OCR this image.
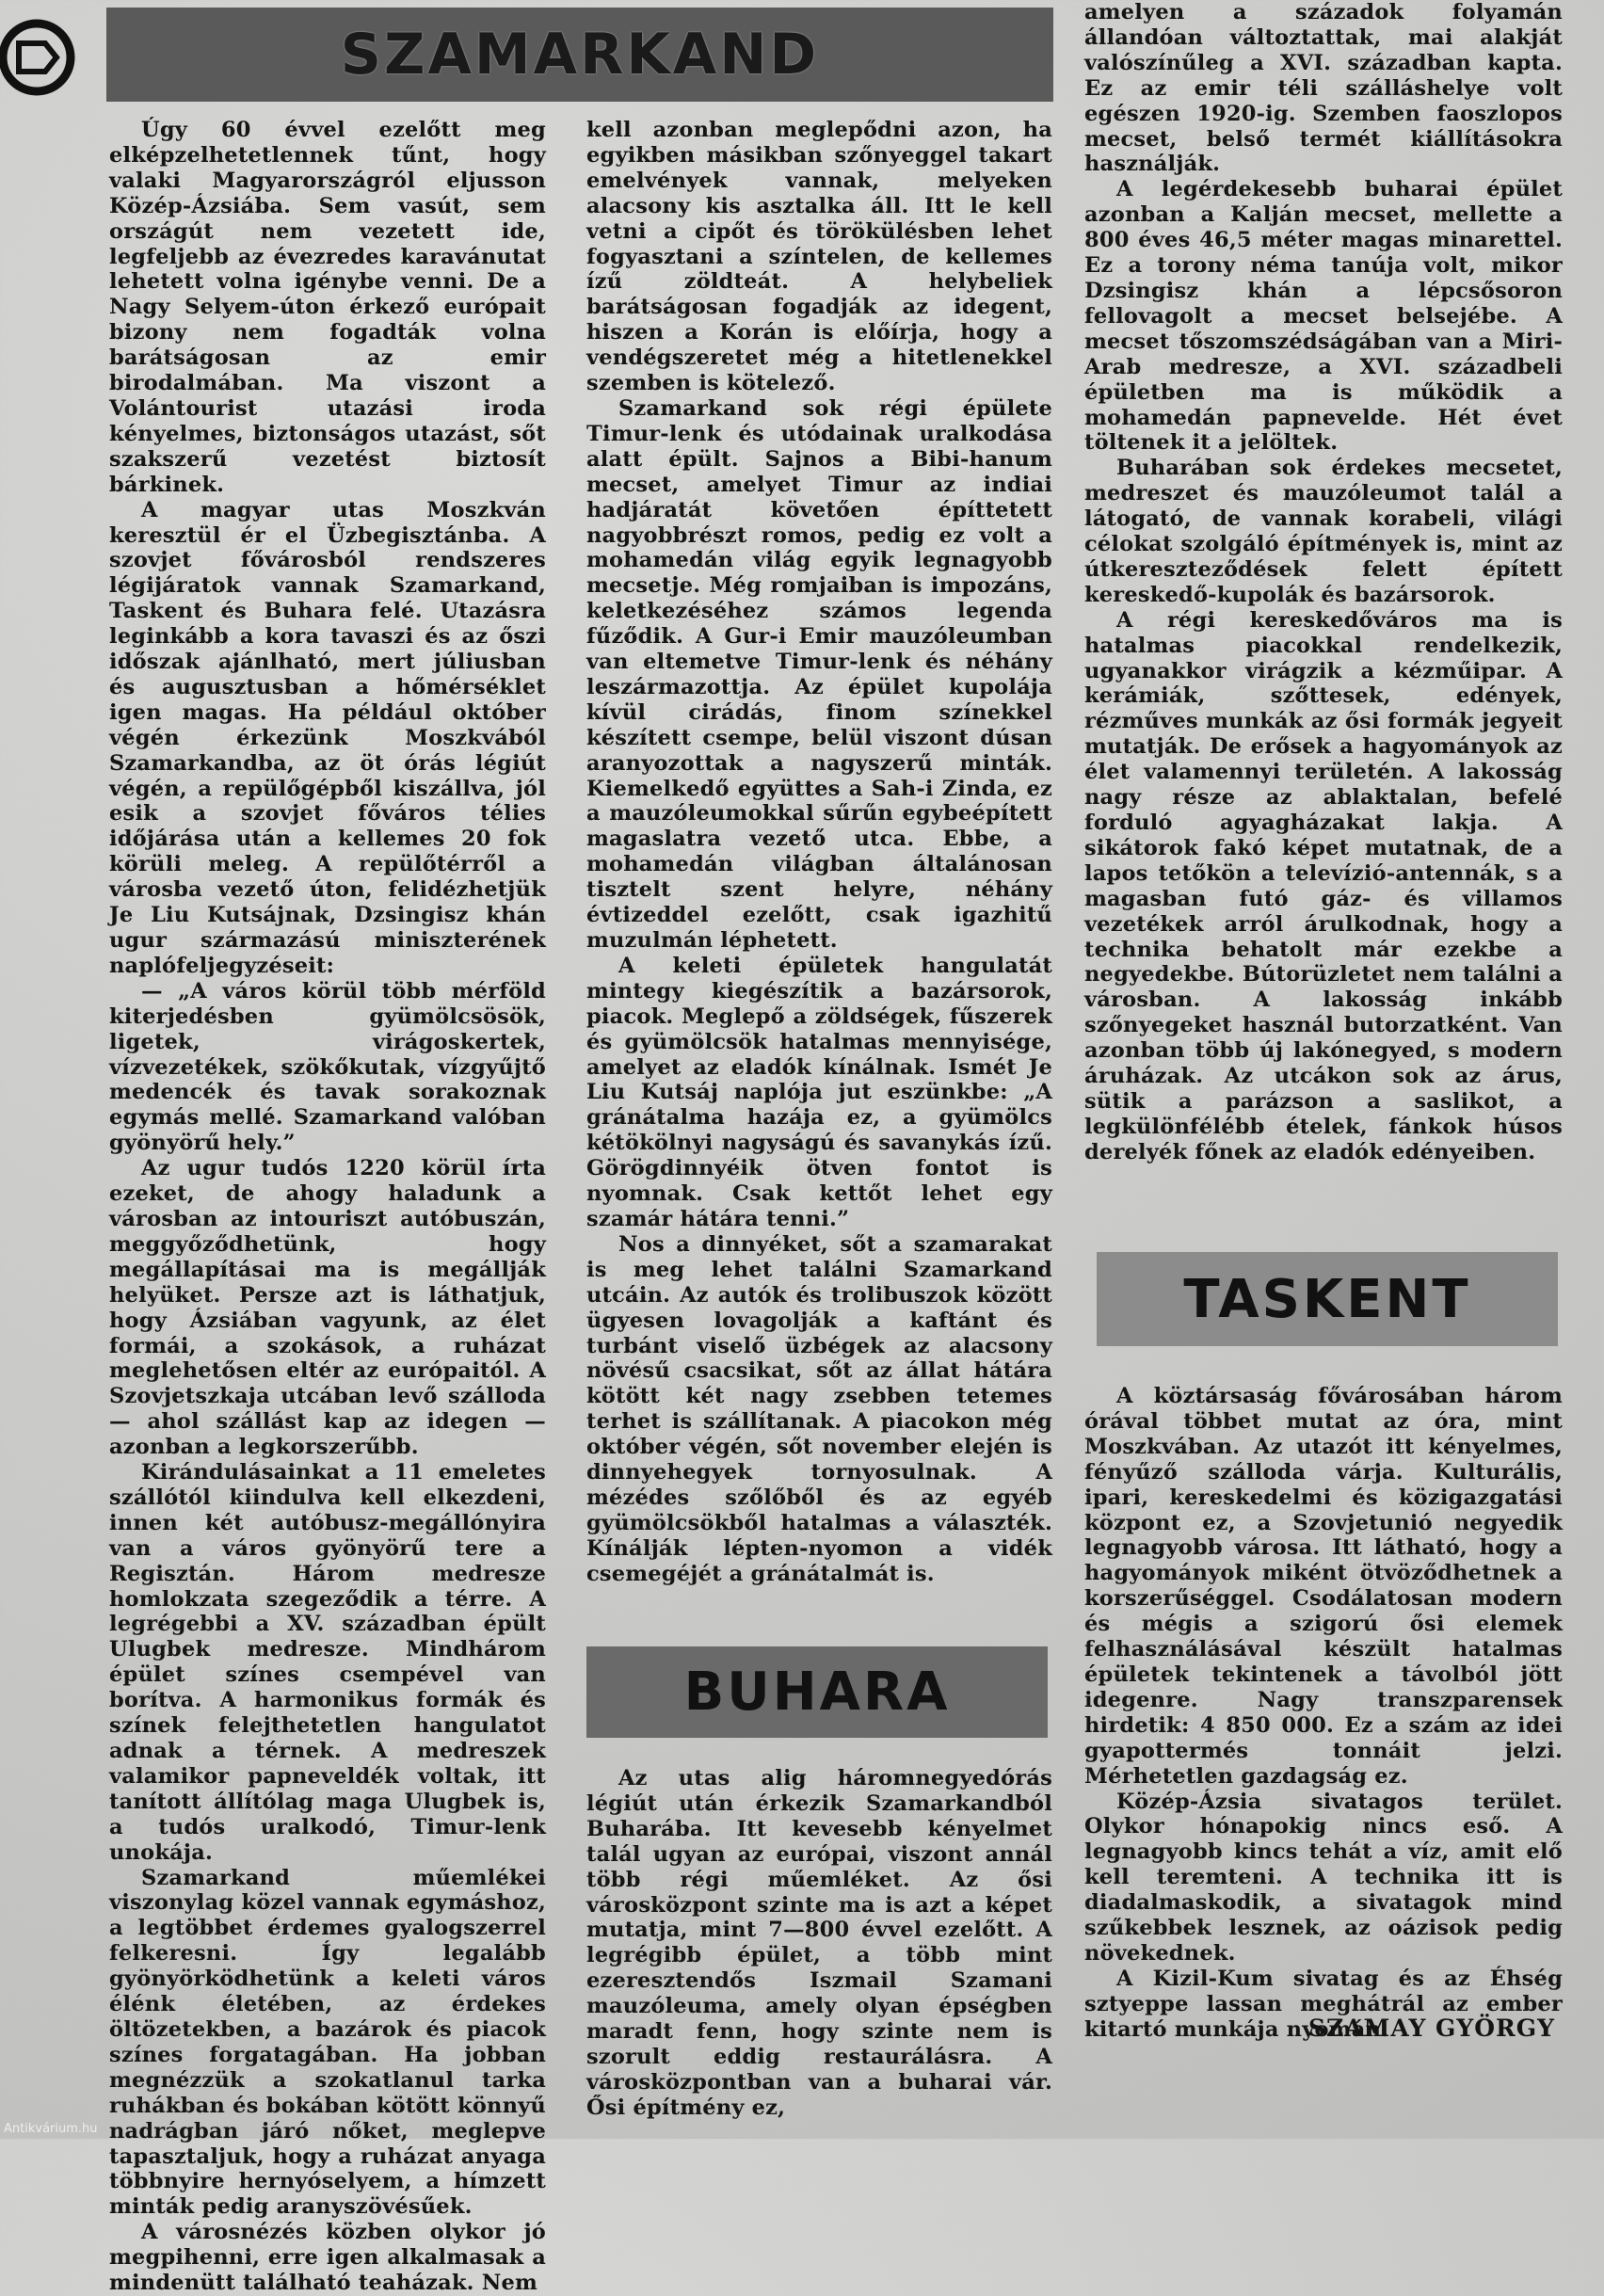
SZAMARKAND

Úgy 60 évvel ezelőtt meg elképzelhetetlennek tűnt, hogy valaki Magyarországról eljusson Közép-Ázsiába. Sem vasút, sem országút nem vezetett ide, legfeljebb az évezredes karavánutat lehetett volna igénybe venni. De a Nagy Selyem-úton érkező európait bizony nem fogadták volna barátságosan az emir birodalmában. Ma viszont a Volántourist utazási iroda kényelmes, biztonságos utazást, sőt szakszerű vezetést biztosít bárkinek.

A magyar utas Moszkván keresztül ér el Üzbegisztánba. A szovjet fővárosból rendszeres légijáratok vannak Szamarkand, Taskent és Buhara felé. Utazásra leginkább a kora tavaszi és az őszi időszak ajánlható, mert júliusban és augusztusban a hőmérséklet igen magas. Ha például október végén érkezünk Moszkvából Szamarkandba, az öt órás légiút végén, a repülőgépből kiszállva, jól esik a szovjet főváros télies időjárása után a kellemes 20 fok körüli meleg. A repülőtérről a városba vezető úton, felidézhetjük Je Liu Kutsájnak, Dzsingisz khán ugur származású miniszterének naplófeljegyzéseit:

— „A város körül több mérföld kiterjedésben gyümölcsösök, ligetek, virágoskertek, vízvezetékek, szökőkutak, vízgyűjtő medencék és tavak sorakoznak egymás mellé. Szamarkand valóban gyönyörű hely.”

Az ugur tudós 1220 körül írta ezeket, de ahogy haladunk a városban az intouriszt autóbuszán, meggyőződhetünk, hogy megállapításai ma is megállják helyüket. Persze azt is láthatjuk, hogy Ázsiában vagyunk, az élet formái, a szokások, a ruházat meglehetősen eltér az európaitól. A Szovjetszkaja utcában levő szálloda — ahol szállást kap az idegen — azonban a legkorszerűbb.

Kirándulásainkat a 11 emeletes szállótól kiindulva kell elkezdeni, innen két autóbusz-megállónyira van a város gyönyörű tere a Regisztán. Három medresze homlokzata szegeződik a térre. A legrégebbi a XV. században épült Ulugbek medresze. Mindhárom épület színes csempével van borítva. A harmonikus formák és színek felejthetetlen hangulatot adnak a térnek. A medreszek valamikor papneveldék voltak, itt tanított állítólag maga Ulugbek is, a tudós uralkodó, Timur-lenk unokája.

Szamarkand műemlékei viszonylag közel vannak egymáshoz, a legtöbbet érdemes gyalogszerrel felkeresni. Így legalább gyönyörködhetünk a keleti város élénk életében, az érdekes öltözetekben, a bazárok és piacok színes forgatagában. Ha jobban megnézzük a szokatlanul tarka ruhákban és bokában kötött könnyű nadrágban járó nőket, meglepve tapasztaljuk, hogy a ruházat anyaga többnyire hernyóselyem, a hímzett minták pedig aranyszövésűek.

A városnézés közben olykor jó megpihenni, erre igen alkalmasak a mindenütt található teaházak. Nem

kell azonban meglepődni azon, ha egyikben másikban szőnyeggel takart emelvények vannak, melyeken alacsony kis asztalka áll. Itt le kell vetni a cipőt és törökülésben lehet fogyasztani a színtelen, de kellemes ízű zöldteát. A helybeliek barátságosan fogadják az idegent, hiszen a Korán is előírja, hogy a vendégszeretet még a hitetlenekkel szemben is kötelező.

Szamarkand sok régi épülete Timur-lenk és utódainak uralkodása alatt épült. Sajnos a Bibi-hanum mecset, amelyet Timur az indiai hadjáratát követően építtetett nagyobbrészt romos, pedig ez volt a mohamedán világ egyik legnagyobb mecsetje. Még romjaiban is impozáns, keletkezéséhez számos legenda fűződik. A Gur-i Emir mauzóleumban van eltemetve Timur-lenk és néhány leszármazottja. Az épület kupolája kívül cirádás, finom színekkel készített csempe, belül viszont dúsan aranyozottak a nagyszerű minták. Kiemelkedő együttes a Sah-i Zinda, ez a mauzóleumokkal sűrűn egybeépített magaslatra vezető utca. Ebbe, a mohamedán világban általánosan tisztelt szent helyre, néhány évtizeddel ezelőtt, csak igazhitű muzulmán léphetett.

A keleti épületek hangulatát mintegy kiegészítik a bazársorok, piacok. Meglepő a zöldségek, fűszerek és gyümölcsök hatalmas mennyisége, amelyet az eladók kínálnak. Ismét Je Liu Kutsáj naplója jut eszünkbe: „A gránátalma hazája ez, a gyümölcs kétökölnyi nagyságú és savanykás ízű. Görögdinnyéik ötven fontot is nyomnak. Csak kettőt lehet egy szamár hátára tenni.”

Nos a dinnyéket, sőt a szamarakat is meg lehet találni Szamarkand utcáin. Az autók és trolibuszok között ügyesen lovagolják a kaftánt és turbánt viselő üzbégek az alacsony növésű csacsikat, sőt az állat hátára kötött két nagy zsebben tetemes terhet is szállítanak. A piacokon még október végén, sőt november elején is dinnyehegyek tornyosulnak. A mézédes szőlőből és az egyéb gyümölcsökből hatalmas a választék. Kínálják lépten-nyomon a vidék csemegéjét a gránátalmát is.

BUHARA

Az utas alig háromnegyedórás légiút után érkezik Szamarkandból Buharába. Itt kevesebb kényelmet talál ugyan az európai, viszont annál több régi műemléket. Az ősi városközpont szinte ma is azt a képet mutatja, mint 7—800 évvel ezelőtt. A legrégibb épület, a több mint ezeresztendős Iszmail Szamani mauzóleuma, amely olyan épségben maradt fenn, hogy szinte nem is szorult eddig restaurálásra. A városközpontban van a buharai vár. Ősi építmény ez,

amelyen a századok folyamán állandóan változtattak, mai alakját valószínűleg a XVI. században kapta. Ez az emir téli szálláshelye volt egészen 1920-ig. Szemben faoszlopos mecset, belső termét kiállításokra használják.

A legérdekesebb buharai épület azonban a Kalján mecset, mellette a 800 éves 46,5 méter magas minarettel. Ez a torony néma tanúja volt, mikor Dzsingisz khán a lépcsősoron fellovagolt a mecset belsejébe. A mecset tőszomszédságában van a Miri-Arab medresze, a XVI. századbeli épületben ma is működik a mohamedán papnevelde. Hét évet töltenek it a jelöltek.

Buharában sok érdekes mecsetet, medreszet és mauzóleumot talál a látogató, de vannak korabeli, világi célokat szolgáló építmények is, mint az útkereszteződések felett épített kereskedő-kupolák és bazársorok.

A régi kereskedőváros ma is hatalmas piacokkal rendelkezik, ugyanakkor virágzik a kézműipar. A kerámiák, szőttesek, edények, rézműves munkák az ősi formák jegyeit mutatják. De erősek a hagyományok az élet valamennyi területén. A lakosság nagy része az ablaktalan, befelé forduló agyagházakat lakja. A sikátorok fakó képet mutatnak, de a lapos tetőkön a televízió-antennák, s a magasban futó gáz- és villamos vezetékek arról árulkodnak, hogy a technika behatolt már ezekbe a negyedekbe. Bútorüzletet nem találni a városban. A lakosság inkább szőnyegeket használ butorzatként. Van azonban több új lakónegyed, s modern áruházak. Az utcákon sok az árus, sütik a parázson a saslikot, a legkülönfélébb ételek, fánkok húsos derelyék főnek az eladók edényeiben.

TASKENT

A köztársaság fővárosában három órával többet mutat az óra, mint Moszkvában. Az utazót itt kényelmes, fényűző szálloda várja. Kulturális, ipari, kereskedelmi és közigazgatási központ ez, a Szovjetunió negyedik legnagyobb városa. Itt látható, hogy a hagyományok miként ötvöződhetnek a korszerűséggel. Csodálatosan modern és mégis a szigorú ősi elemek felhasználásával készült hatalmas épületek tekintenek a távolból jött idegenre. Nagy transzparensek hirdetik: 4 850 000. Ez a szám az idei gyapottermés tonnáit jelzi. Mérhetetlen gazdagság ez.

Közép-Ázsia sivatagos terület. Olykor hónapokig nincs eső. A legnagyobb kincs tehát a víz, amit elő kell teremteni. A technika itt is diadalmaskodik, a sivatagok mind szűkebbek lesznek, az oázisok pedig növekednek.

A Kizil-Kum sivatag és az Éhség sztyeppe lassan meghátrál az ember kitartó munkája nyomán.

SZAMAY GYÖRGY
Antikvárium.hu
